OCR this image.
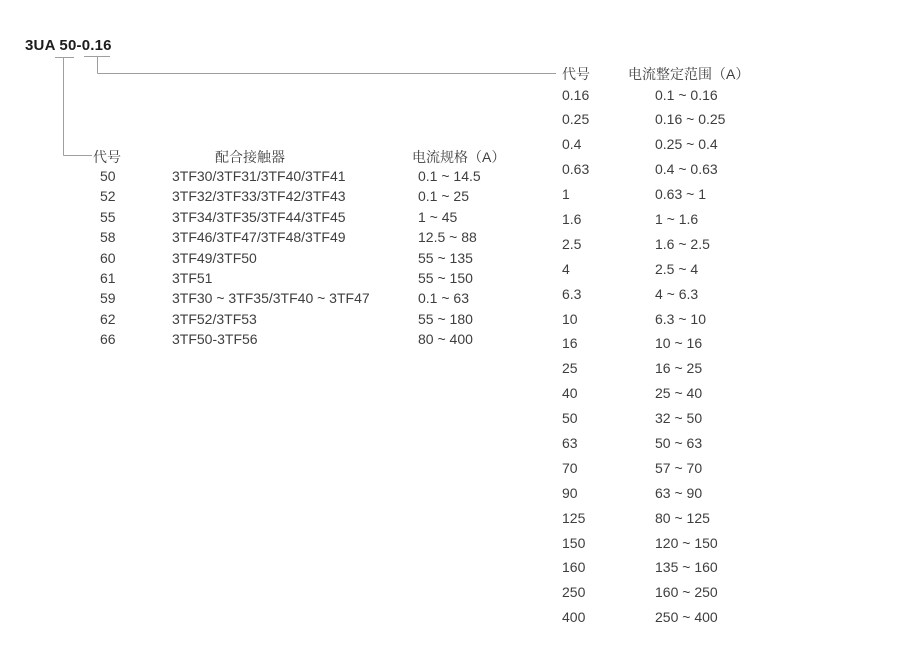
3UA 50-0.16
代号	配合接触器	电流规格（A）
50	3TF30/3TF31/3TF40/3TF41	0.1 ~ 14.5
52	3TF32/3TF33/3TF42/3TF43	0.1 ~ 25
55	3TF34/3TF35/3TF44/3TF45	1 ~ 45
58	3TF46/3TF47/3TF48/3TF49	12.5 ~ 88
60	3TF49/3TF50	55 ~ 135
61	3TF51	55 ~ 150
59	3TF30 ~ 3TF35/3TF40 ~ 3TF47	0.1 ~ 63
62	3TF52/3TF53	55 ~ 180
66	3TF50-3TF56	80 ~ 400
代号	电流整定范围（A）
0.16	0.1 ~ 0.16
0.25	0.16 ~ 0.25
0.4	0.25 ~ 0.4
0.63	0.4 ~ 0.63
1	0.63 ~ 1
1.6	1 ~ 1.6
2.5	1.6 ~ 2.5
4	2.5 ~ 4
6.3	4 ~ 6.3
10	6.3 ~ 10
16	10 ~ 16
25	16 ~ 25
40	25 ~ 40
50	32 ~ 50
63	50 ~ 63
70	57 ~ 70
90	63 ~ 90
125	80 ~ 125
150	120 ~ 150
160	135 ~ 160
250	160 ~ 250
400	250 ~ 400
